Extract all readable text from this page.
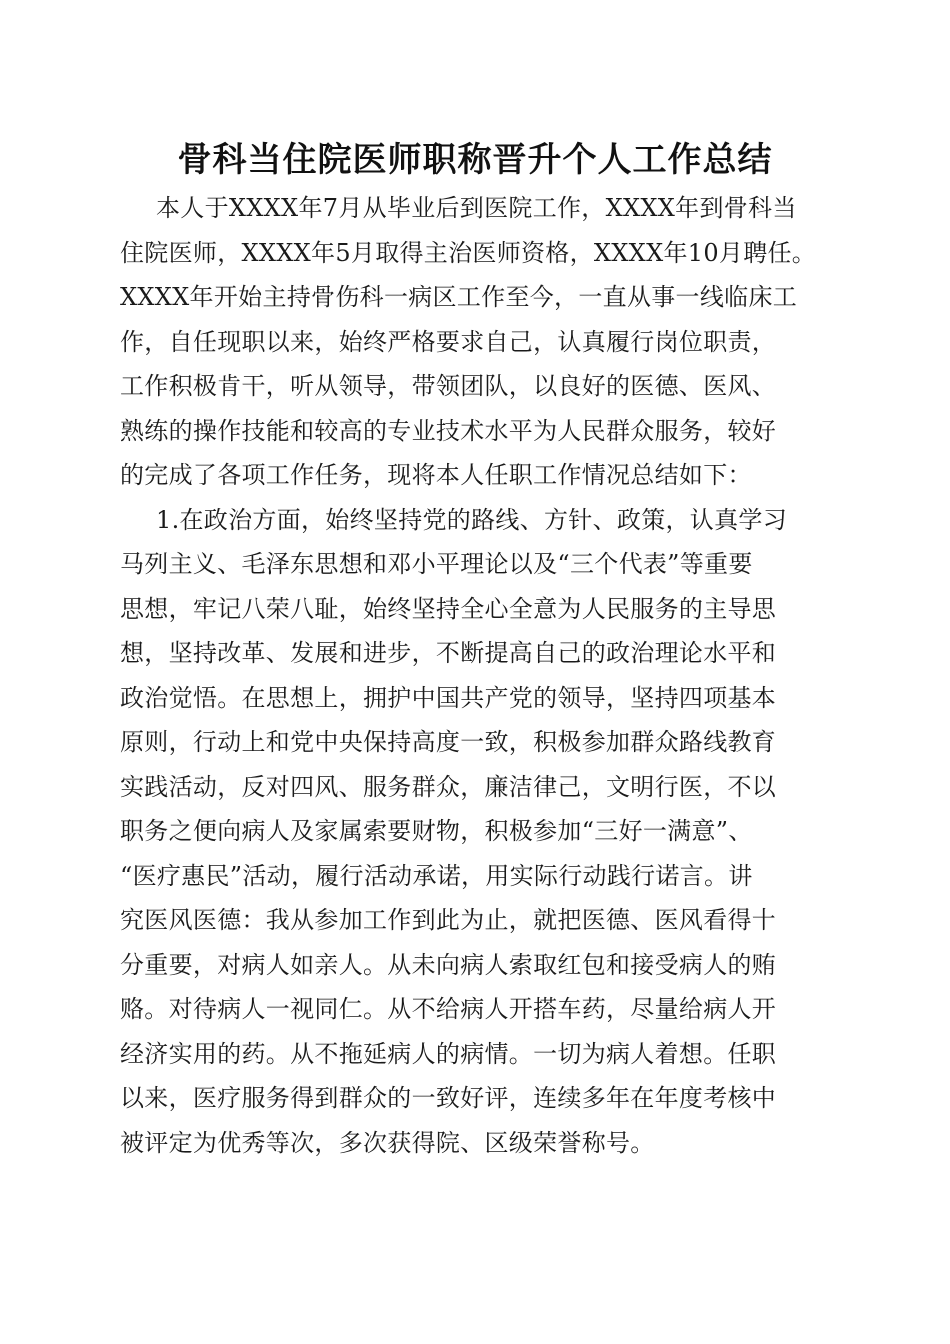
骨科当住院医师职称晋升个人工作总结
本人于XXXX年7月从毕业后到医院工作，XXXX年到骨科当
住院医师，XXXX年5月取得主治医师资格，XXXX年10月聘任。
XXXX年开始主持骨伤科一病区工作至今，一直从事一线临床工
作，自任现职以来，始终严格要求自己，认真履行岗位职责，
工作积极肯干，听从领导，带领团队，以良好的医德、医风、
熟练的操作技能和较高的专业技术水平为人民群众服务，较好
的完成了各项工作任务，现将本人任职工作情况总结如下：
1.在政治方面，始终坚持党的路线、方针、政策，认真学习
马列主义、毛泽东思想和邓小平理论以及“三个代表”等重要
思想，牢记八荣八耻，始终坚持全心全意为人民服务的主导思
想，坚持改革、发展和进步，不断提高自己的政治理论水平和
政治觉悟。在思想上，拥护中国共产党的领导，坚持四项基本
原则，行动上和党中央保持高度一致，积极参加群众路线教育
实践活动，反对四风、服务群众，廉洁律己，文明行医，不以
职务之便向病人及家属索要财物，积极参加“三好一满意”、
“医疗惠民”活动，履行活动承诺，用实际行动践行诺言。讲
究医风医德：我从参加工作到此为止，就把医德、医风看得十
分重要，对病人如亲人。从未向病人索取红包和接受病人的贿
赂。对待病人一视同仁。从不给病人开搭车药，尽量给病人开
经济实用的药。从不拖延病人的病情。一切为病人着想。任职
以来，医疗服务得到群众的一致好评，连续多年在年度考核中
被评定为优秀等次，多次获得院、区级荣誉称号。
